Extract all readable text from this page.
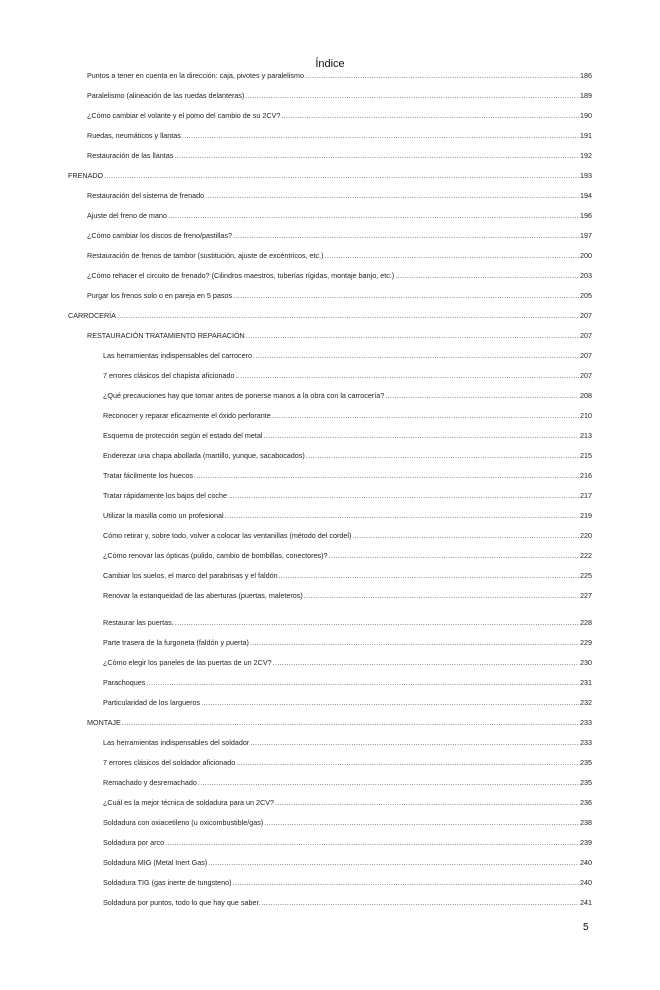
Índice
Puntos a tener en cuenta en la dirección: caja, pivotes y paralelismo .....	186
Paralelismo (alineación de las ruedas delanteras) .....	189
¿Cómo cambiar el volante y el pomo del cambio de su 2CV? .....	190
Ruedas, neumáticos y llantas .....	191
Restauración de las llantas .....	192
FRENADO .....	193
Restauración del sistema de frenado .....	194
Ajuste del freno de mano .....	196
¿Cómo cambiar los discos de freno/pastillas? .....	197
Restauración de frenos de tambor (sustitución, ajuste de excéntricos, etc.) .....	200
¿Cómo rehacer el circuito de frenado? (Cilindros maestros, tuberías rígidas, montaje banjo, etc.) .....	203
Purgar los frenos solo o en pareja en 5 pasos .....	205
CARROCERÍA .....	207
RESTAURACIÓN TRATAMIENTO REPARACIÓN .....	207
Las herramientas indispensables del carrocero .....	207
7 errores clásicos del chapista aficionado .....	207
¿Qué precauciones hay que tomar antes de ponerse manos a la obra con la carrocería? .....	208
Reconocer y reparar eficazmente el óxido perforante .....	210
Esquema de protección según el estado del metal .....	213
Enderezar una chapa abollada (martillo, yunque, sacabocados) .....	215
Tratar fácilmente los huecos .....	216
Tratar rápidamente los bajos del coche .....	217
Utilizar la masilla como un profesional .....	219
Cómo retirar y, sobre todo, volver a colocar las ventanillas (método del cordel) .....	220
¿Cómo renovar las ópticas (pulido, cambio de bombillas, conectores)? .....	222
Cambiar los suelos, el marco del parabrisas y el faldón .....	225
Renovar la estanqueidad de las aberturas (puertas, maleteros) .....	227
Restaurar las puertas. .....	228
Parte trasera de la furgoneta (faldón y puerta) .....	229
¿Cómo elegir los paneles de las puertas de un 2CV? .....	230
Parachoques .....	231
Particularidad de los largueros .....	232
MONTAJE .....	233
Las herramientas indispensables del soldador .....	233
7 errores clásicos del soldador aficionado .....	235
Remachado y desremachado .....	235
¿Cuál es la mejor técnica de soldadura para un 2CV? .....	236
Soldadura con oxiacetileno (u oxicombustible/gas) .....	238
Soldadura por arco .....	239
Soldadura MIG (Metal Inert Gas) .....	240
Soldadura TIG (gas inerte de tungsteno) .....	240
Soldadura por puntos, todo lo que hay que saber. .....	241
5
